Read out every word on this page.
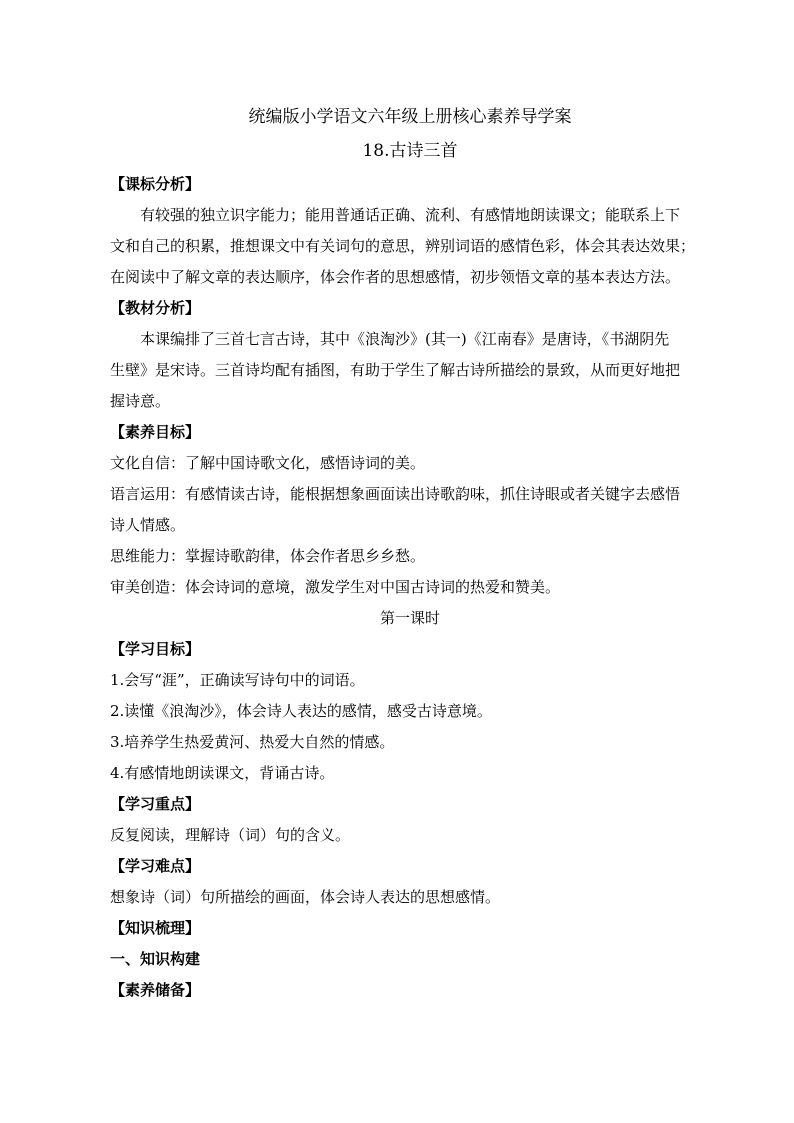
统编版小学语文六年级上册核心素养导学案
18.古诗三首
【课标分析】
有较强的独立识字能力；能用普通话正确、流利、有感情地朗读课文；能联系上下
文和自己的积累，推想课文中有关词句的意思，辨别词语的感情色彩，体会其表达效果；
在阅读中了解文章的表达顺序，体会作者的思想感情，初步领悟文章的基本表达方法。
【教材分析】
本课编排了三首七言古诗，其中《浪淘沙》(其一)《江南春》是唐诗，《书湖阴先
生壁》是宋诗。三首诗均配有插图，有助于学生了解古诗所描绘的景致，从而更好地把
握诗意。
【素养目标】
文化自信：了解中国诗歌文化，感悟诗词的美。
语言运用：有感情读古诗，能根据想象画面读出诗歌韵味，抓住诗眼或者关键字去感悟
诗人情感。
思维能力：掌握诗歌韵律，体会作者思乡乡愁。
审美创造：体会诗词的意境，激发学生对中国古诗词的热爱和赞美。
第一课时
【学习目标】
1.会写“涯”，正确读写诗句中的词语。
2.读懂《浪淘沙》，体会诗人表达的感情，感受古诗意境。
3.培养学生热爱黄河、热爱大自然的情感。
4.有感情地朗读课文，背诵古诗。
【学习重点】
反复阅读，理解诗（词）句的含义。
【学习难点】
想象诗（词）句所描绘的画面，体会诗人表达的思想感情。
【知识梳理】
一、知识构建
【素养储备】
